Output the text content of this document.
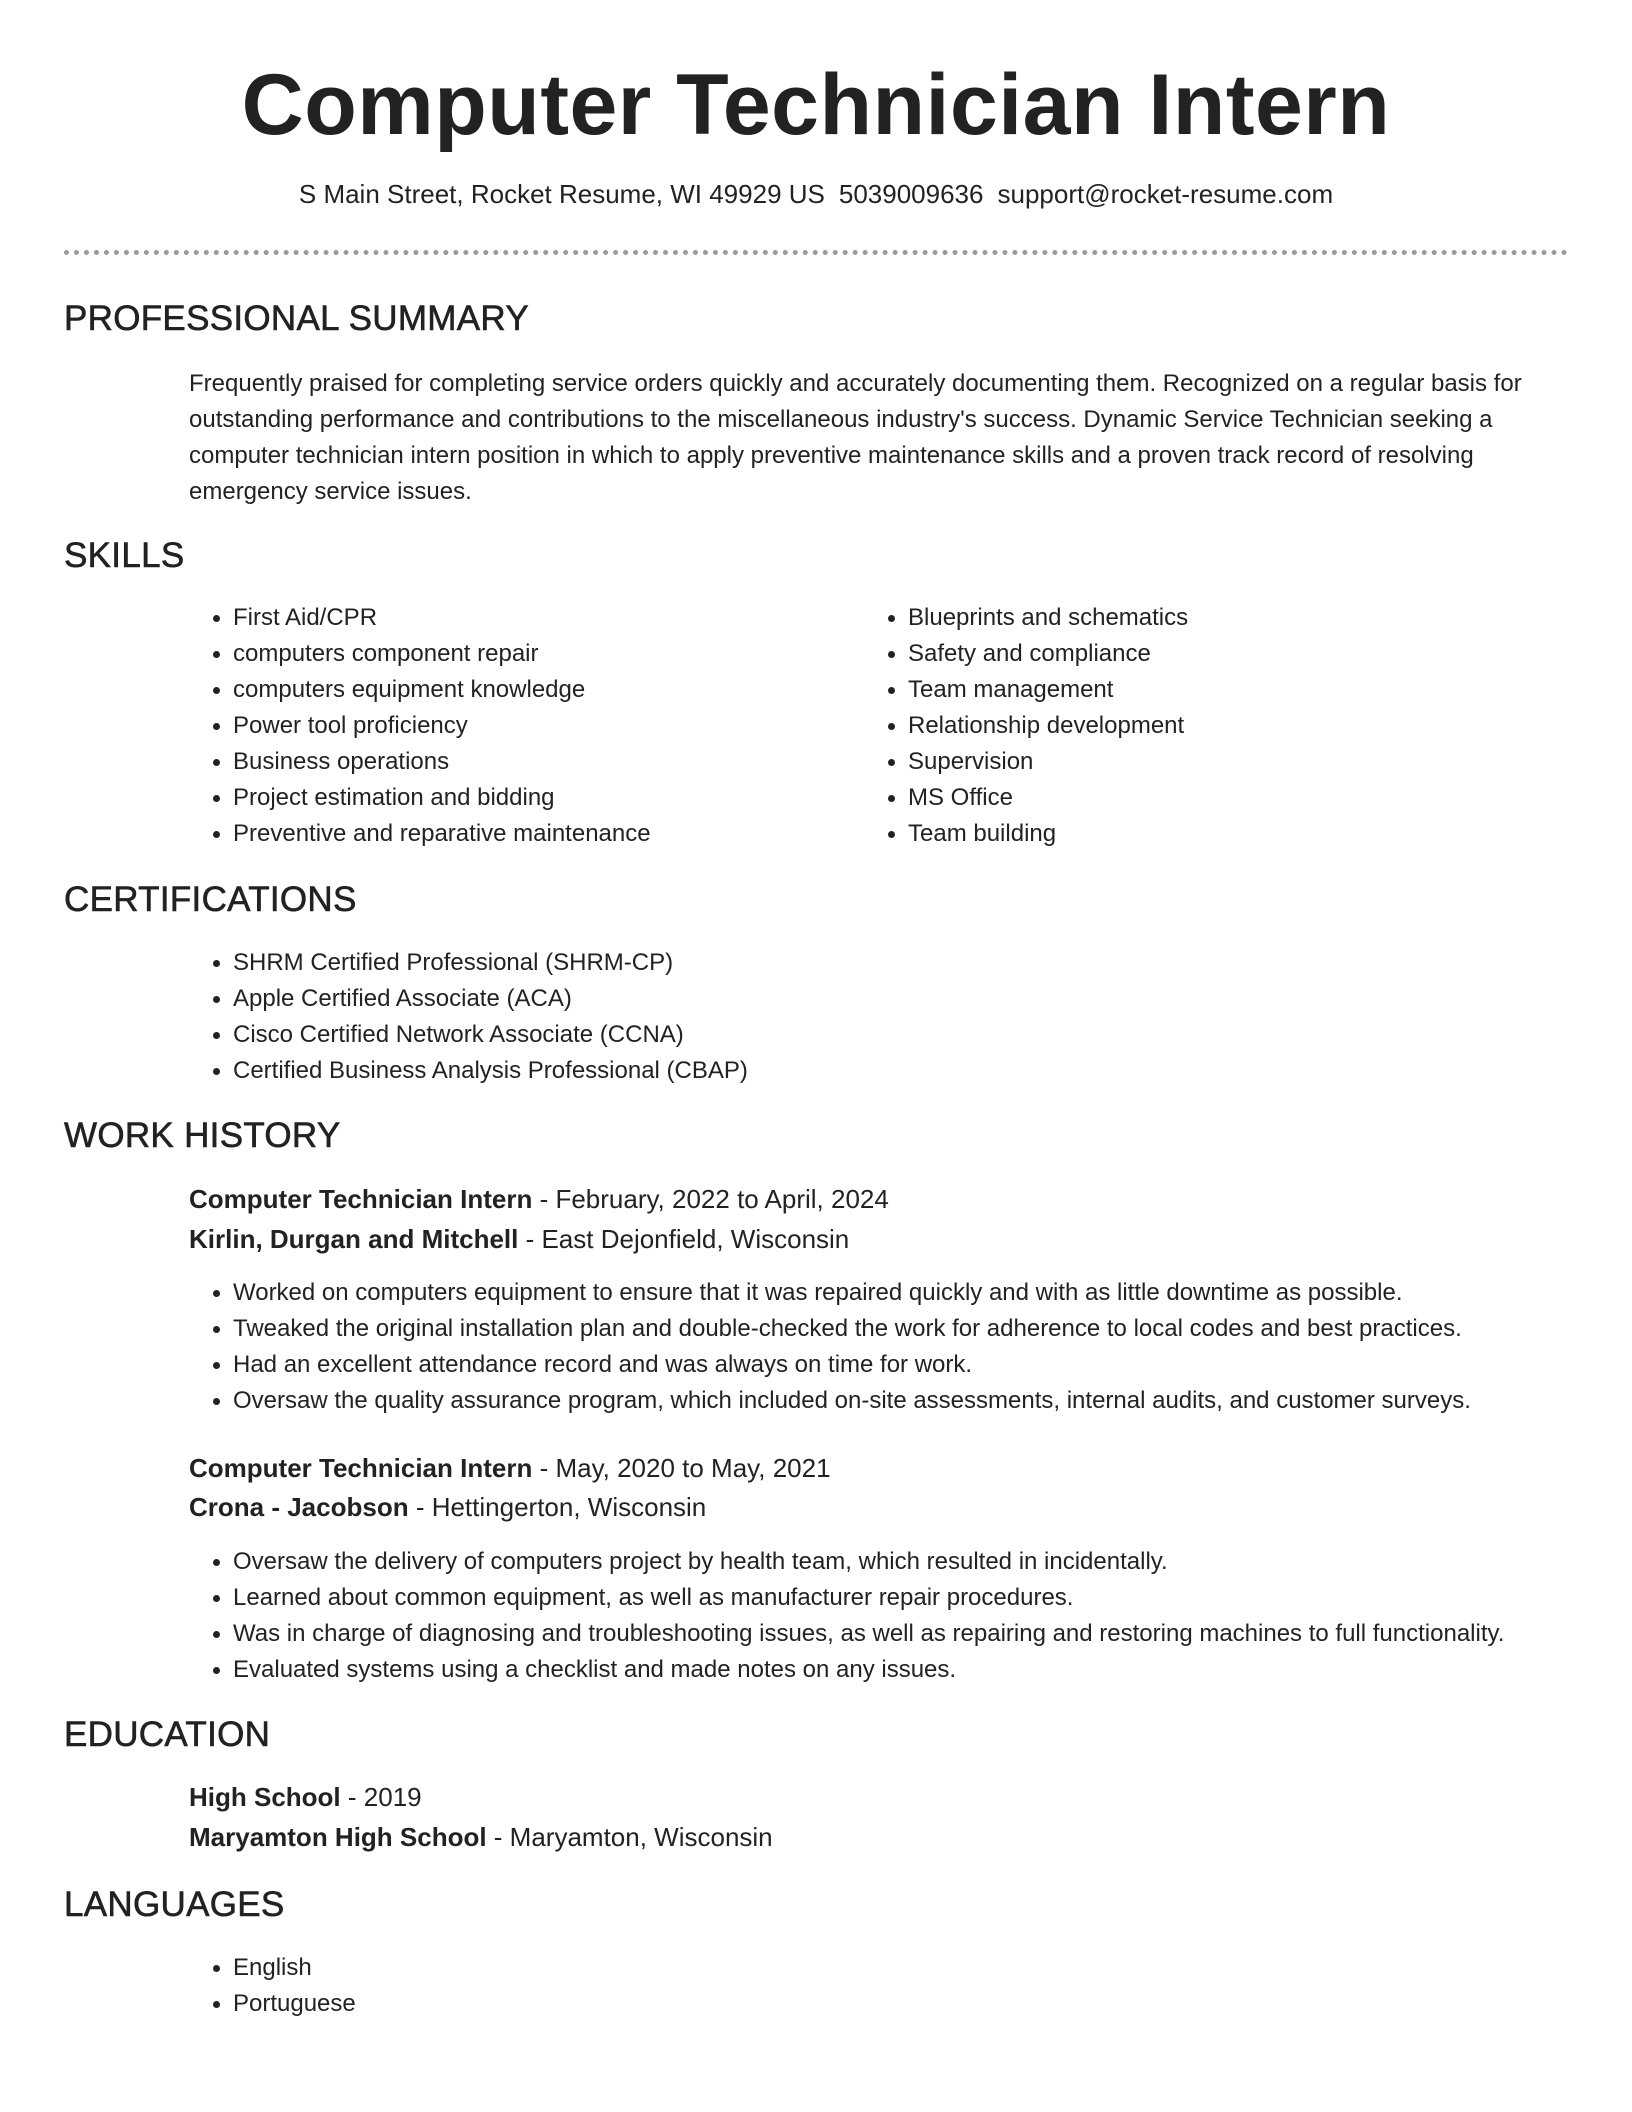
Computer Technician Intern
S Main Street, Rocket Resume, WI 49929 US 5039009636 support@rocket-resume.com
PROFESSIONAL SUMMARY

Frequently praised for completing service orders quickly and accurately documenting them. Recognized on a regular basis for outstanding performance and contributions to the miscellaneous industry's success. Dynamic Service Technician seeking a computer technician intern position in which to apply preventive maintenance skills and a proven track record of resolving emergency service issues.

SKILLS
• First Aid/CPR
• computers component repair
• computers equipment knowledge
• Power tool proficiency
• Business operations
• Project estimation and bidding
• Preventive and reparative maintenance
• Blueprints and schematics
• Safety and compliance
• Team management
• Relationship development
• Supervision
• MS Office
• Team building
CERTIFICATIONS
• SHRM Certified Professional (SHRM-CP)
• Apple Certified Associate (ACA)
• Cisco Certified Network Associate (CCNA)
• Certified Business Analysis Professional (CBAP)
WORK HISTORY
Computer Technician Intern - February, 2022 to April, 2024
Kirlin, Durgan and Mitchell - East Dejonfield, Wisconsin
• Worked on computers equipment to ensure that it was repaired quickly and with as little downtime as possible.
• Tweaked the original installation plan and double-checked the work for adherence to local codes and best practices.
• Had an excellent attendance record and was always on time for work.
• Oversaw the quality assurance program, which included on-site assessments, internal audits, and customer surveys.
Computer Technician Intern - May, 2020 to May, 2021
Crona - Jacobson - Hettingerton, Wisconsin
• Oversaw the delivery of computers project by health team, which resulted in incidentally.
• Learned about common equipment, as well as manufacturer repair procedures.
• Was in charge of diagnosing and troubleshooting issues, as well as repairing and restoring machines to full functionality.
• Evaluated systems using a checklist and made notes on any issues.
EDUCATION
High School - 2019
Maryamton High School - Maryamton, Wisconsin
LANGUAGES
• English
• Portuguese
